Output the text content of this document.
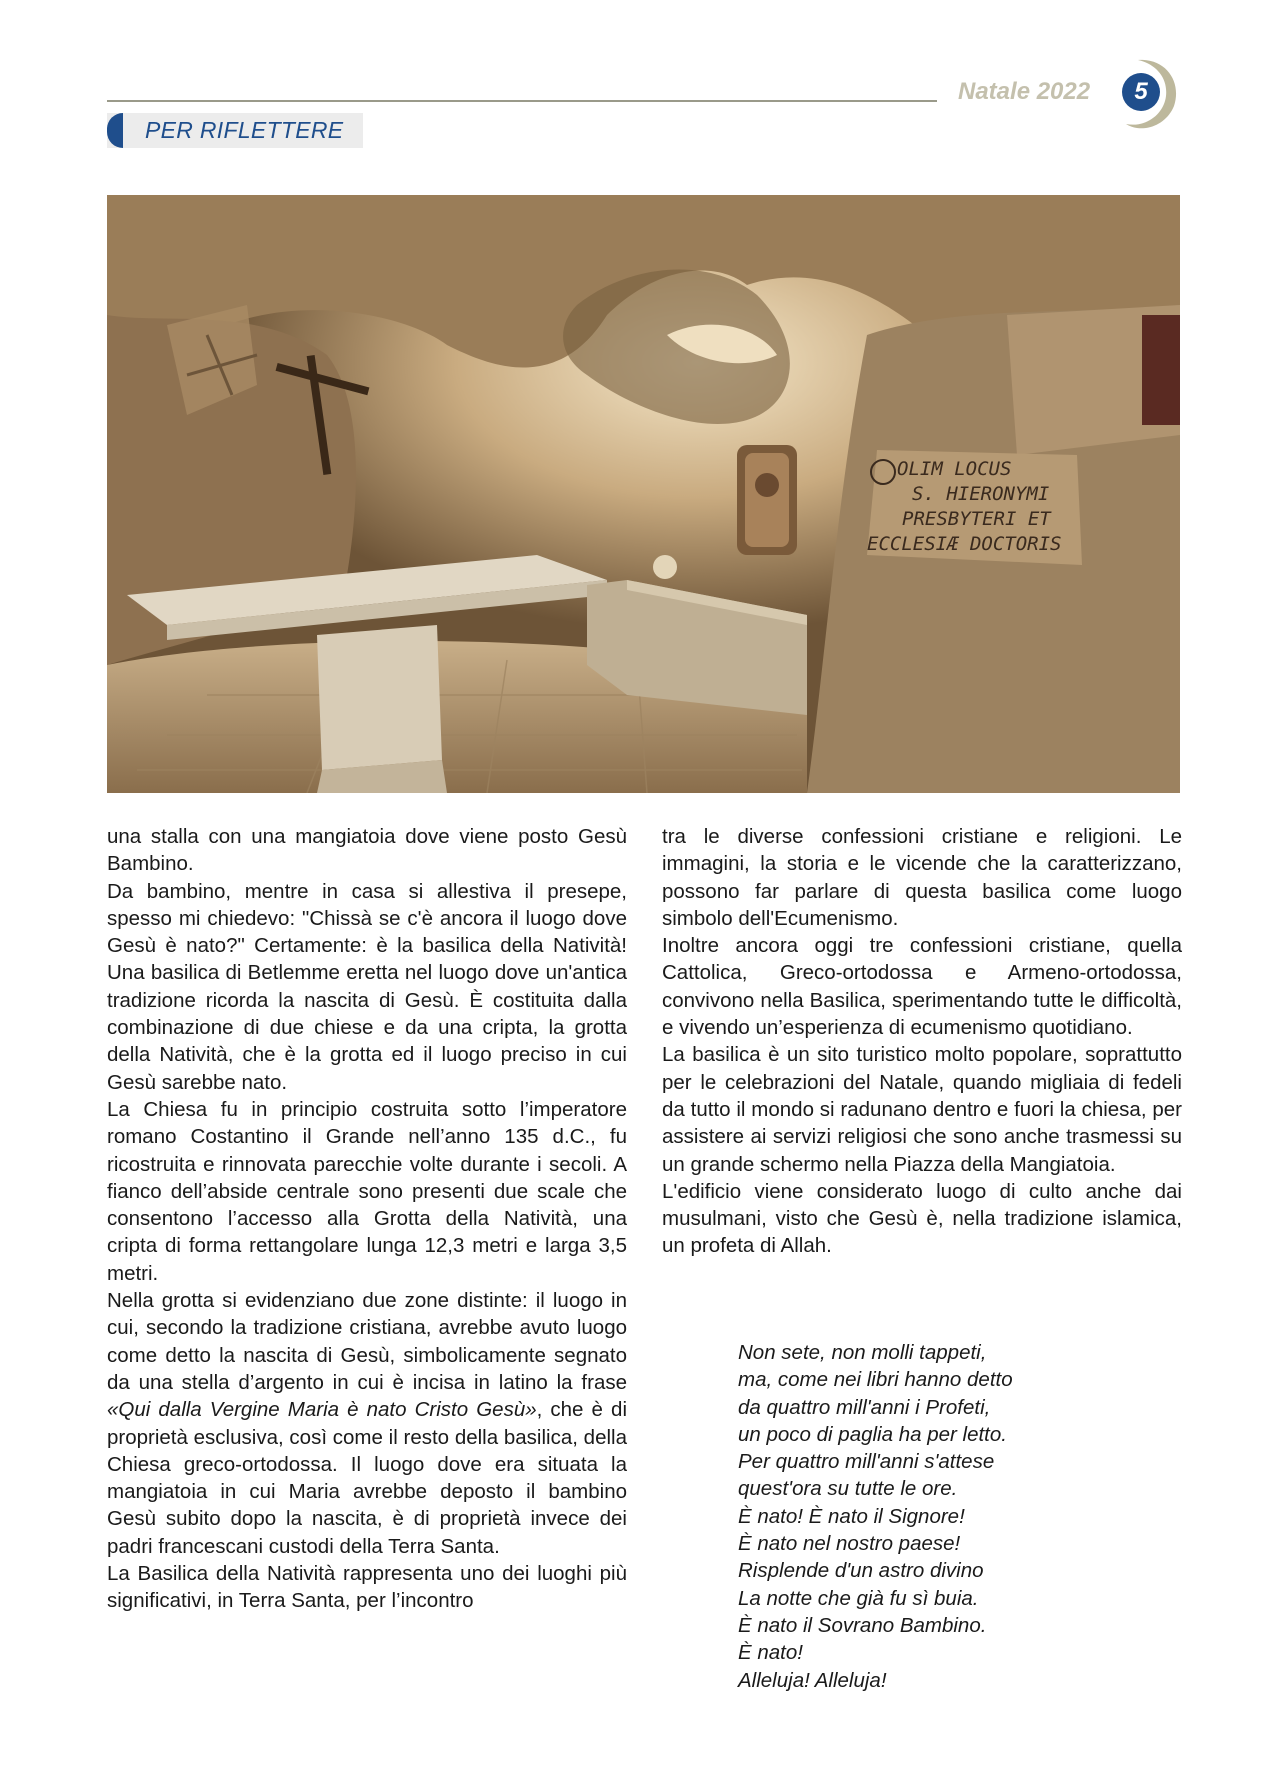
Natale 2022	5
PER RIFLETTERE
OLIM LOCUS
S. HIERONYMI
PRESBYTERI ET
ECCLESIÆ DOCTORIS

una stalla con una mangiatoia dove viene posto Gesù Bambino.

Da bambino, mentre in casa si allestiva il presepe, spesso mi chiedevo: "Chissà se c'è ancora il luogo dove Gesù è nato?" Certamente: è la basilica della Natività! Una basilica di Betlemme eretta nel luogo dove un'antica tradizione ricorda la nascita di Gesù. È costituita dalla combinazione di due chiese e da una cripta, la grotta della Natività, che è la grotta ed il luogo preciso in cui Gesù sarebbe nato.

La Chiesa fu in principio costruita sotto l’imperatore romano Costantino il Grande nell’anno 135 d.C., fu ricostruita e rinnovata parecchie volte durante i secoli. A fianco dell’abside centrale sono presenti due scale che consentono l’accesso alla Grotta della Natività, una cripta di forma rettangolare lunga 12,3 metri e larga 3,5 metri.

Nella grotta si evidenziano due zone distinte: il luogo in cui, secondo la tradizione cristiana, avrebbe avuto luogo come detto la nascita di Gesù, simbolicamente segnato da una stella d’argento in cui è incisa in latino la frase «Qui dalla Vergine Maria è nato Cristo Gesù», che è di proprietà esclusiva, così come il resto della basilica, della Chiesa greco-ortodossa. Il luogo dove era situata la mangiatoia in cui Maria avrebbe deposto il bambino Gesù subito dopo la nascita, è di proprietà invece dei padri francescani custodi della Terra Santa.

La Basilica della Natività rappresenta uno dei luoghi più significativi, in Terra Santa, per l’incontro

tra le diverse confessioni cristiane e religioni. Le immagini, la storia e le vicende che la caratterizzano, possono far parlare di questa basilica come luogo simbolo dell'Ecumenismo.

Inoltre ancora oggi tre confessioni cristiane, quella Cattolica, Greco-ortodossa e Armeno-ortodossa, convivono nella Basilica, sperimentando tutte le difficoltà, e vivendo un’esperienza di ecumenismo quotidiano.

La basilica è un sito turistico molto popolare, soprattutto per le celebrazioni del Natale, quando migliaia di fedeli da tutto il mondo si radunano dentro e fuori la chiesa, per assistere ai servizi religiosi che sono anche trasmessi su un grande schermo nella Piazza della Mangiatoia.

L'edificio viene considerato luogo di culto anche dai musulmani, visto che Gesù è, nella tradizione islamica, un profeta di Allah.

Non sete, non molli tappeti,
ma, come nei libri hanno detto
da quattro mill'anni i Profeti,
un poco di paglia ha per letto.
Per quattro mill'anni s'attese
quest'ora su tutte le ore.
È nato! È nato il Signore!
È nato nel nostro paese!
Risplende d'un astro divino
La notte che già fu sì buia.
È nato il Sovrano Bambino.
È nato!
Alleluja! Alleluja!
